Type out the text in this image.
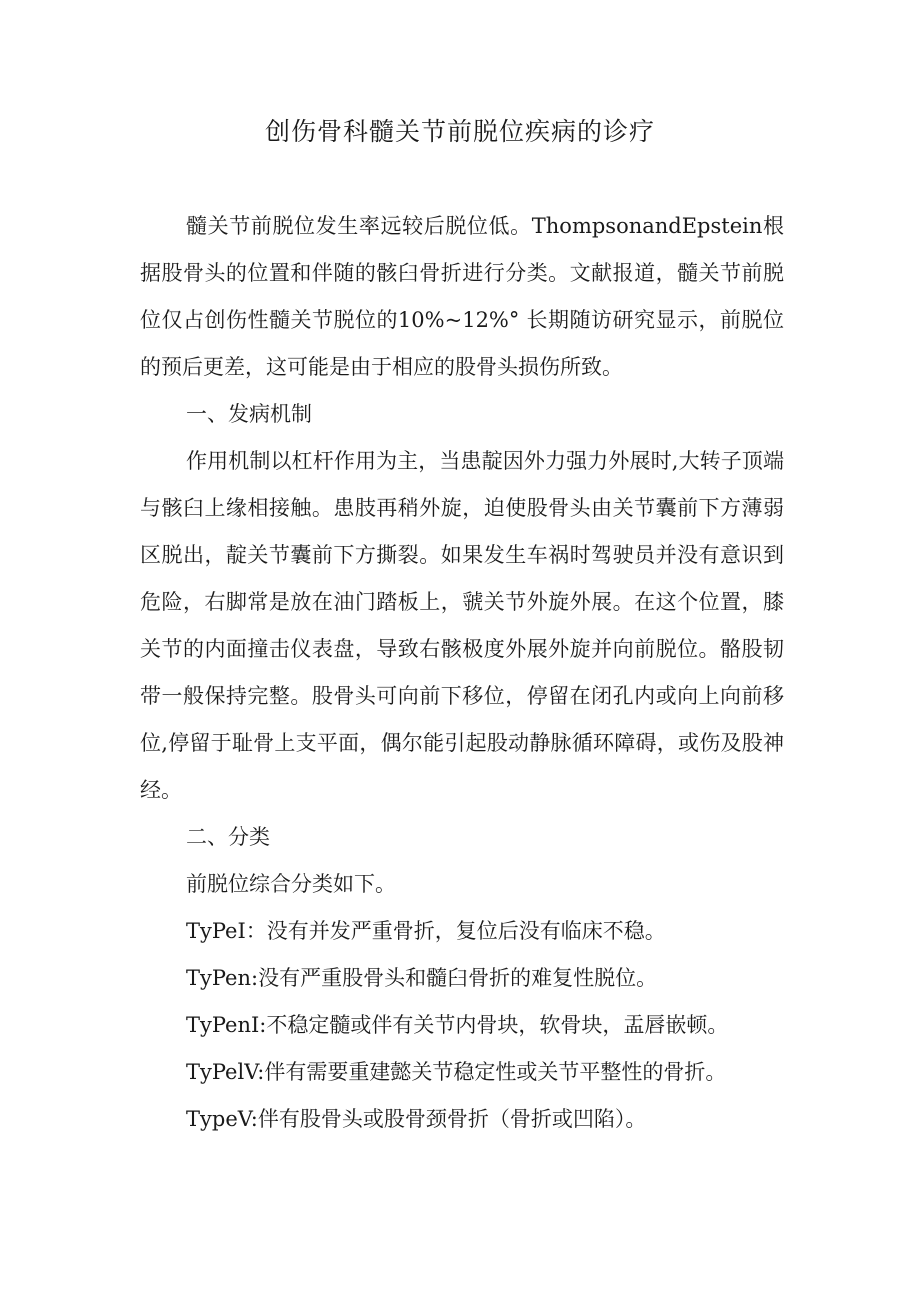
创伤骨科髓关节前脱位疾病的诊疗

髓关节前脱位发生率远较后脱位低。ThompsonandEpstein根据股骨头的位置和伴随的骸臼骨折进行分类。文献报道，髓关节前脱位仅占创伤性髓关节脱位的10%~12%° 长期随访研究显示，前脱位的预后更差，这可能是由于相应的股骨头损伤所致。

一、发病机制

作用机制以杠杆作用为主，当患靛因外力强力外展时,大转子顶端与骸臼上缘相接触。患肢再稍外旋，迫使股骨头由关节囊前下方薄弱区脱出，靛关节囊前下方撕裂。如果发生车祸时驾驶员并没有意识到危险，右脚常是放在油门踏板上，虢关节外旋外展。在这个位置，膝关节的内面撞击仪表盘，导致右骸极度外展外旋并向前脱位。骼股韧带一般保持完整。股骨头可向前下移位，停留在闭孔内或向上向前移位,停留于耻骨上支平面，偶尔能引起股动静脉循环障碍，或伤及股神经。

二、分类

前脱位综合分类如下。

TyPeI：没有并发严重骨折，复位后没有临床不稳。

TyPen:没有严重股骨头和髓臼骨折的难复性脱位。

TyPenI:不稳定髓或伴有关节内骨块，软骨块，盂唇嵌顿。

TyPelV:伴有需要重建懿关节稳定性或关节平整性的骨折。

TypeV:伴有股骨头或股骨颈骨折（骨折或凹陷）。
